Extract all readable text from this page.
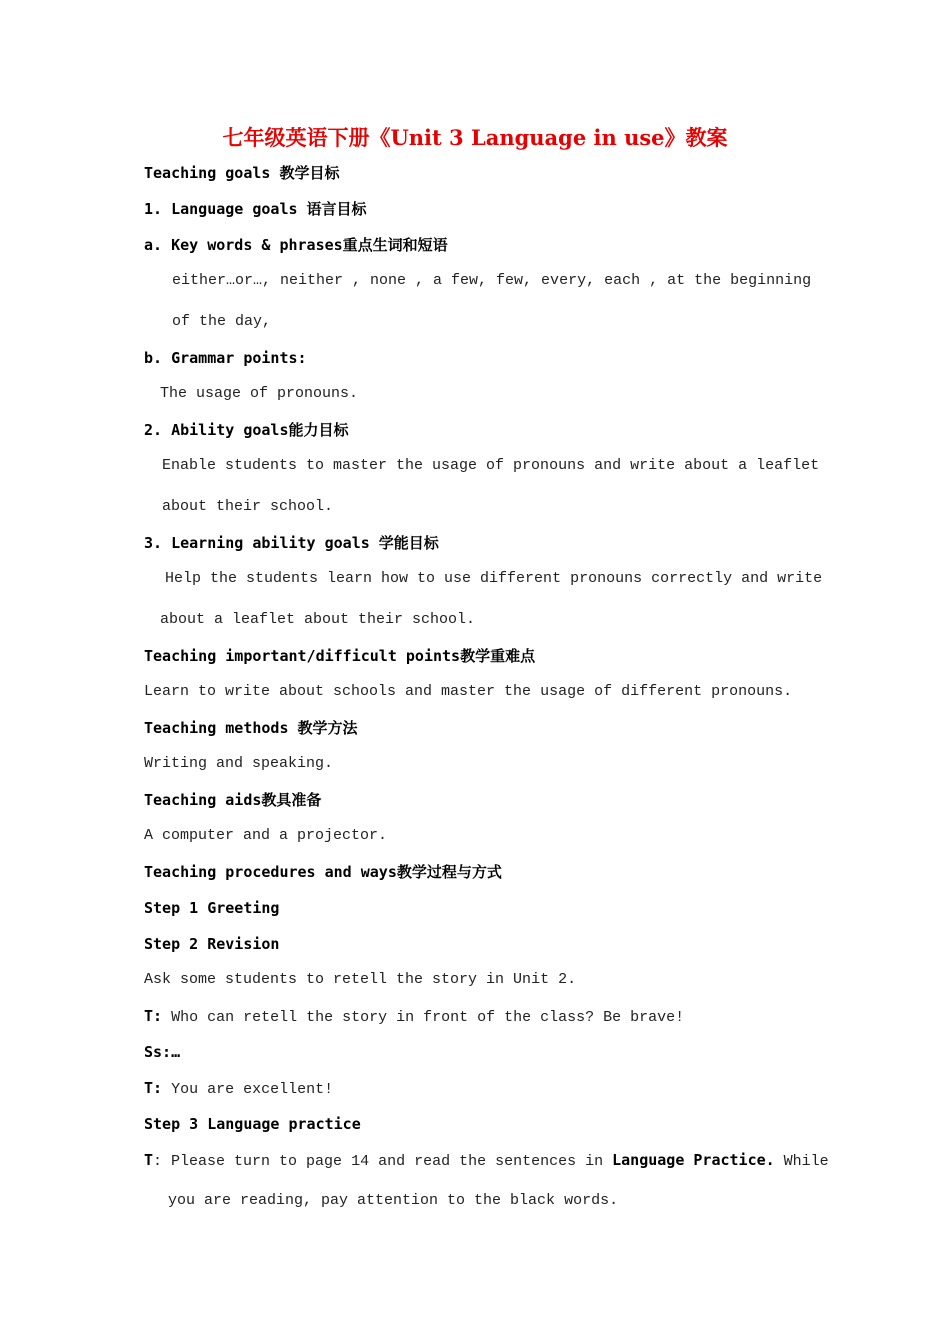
七年级英语下册《Unit 3 Language in use》教案
Teaching goals 教学目标
1. Language goals 语言目标
a. Key words & phrases重点生词和短语
either…or…, neither , none , a few, few, every, each , at the beginning
of the day,
b. Grammar points:
The usage of pronouns.
2. Ability goals能力目标
Enable students to master the usage of pronouns and write about a leaflet
about their school.
3. Learning ability goals 学能目标
Help the students learn how to use different pronouns correctly and write
about a leaflet about their school.
Teaching important/difficult points教学重难点
Learn to write about schools and master the usage of different pronouns.
Teaching methods 教学方法
Writing and speaking.
Teaching aids教具准备
A computer and a projector.
Teaching procedures and ways教学过程与方式
Step 1 Greeting
Step 2 Revision
Ask some students to retell the story in Unit 2.
T: Who can retell the story in front of the class? Be brave!
Ss:…
T: You are excellent!
Step 3 Language practice
T: Please turn to page 14 and read the sentences in Language Practice. While
you are reading, pay attention to the black words.
